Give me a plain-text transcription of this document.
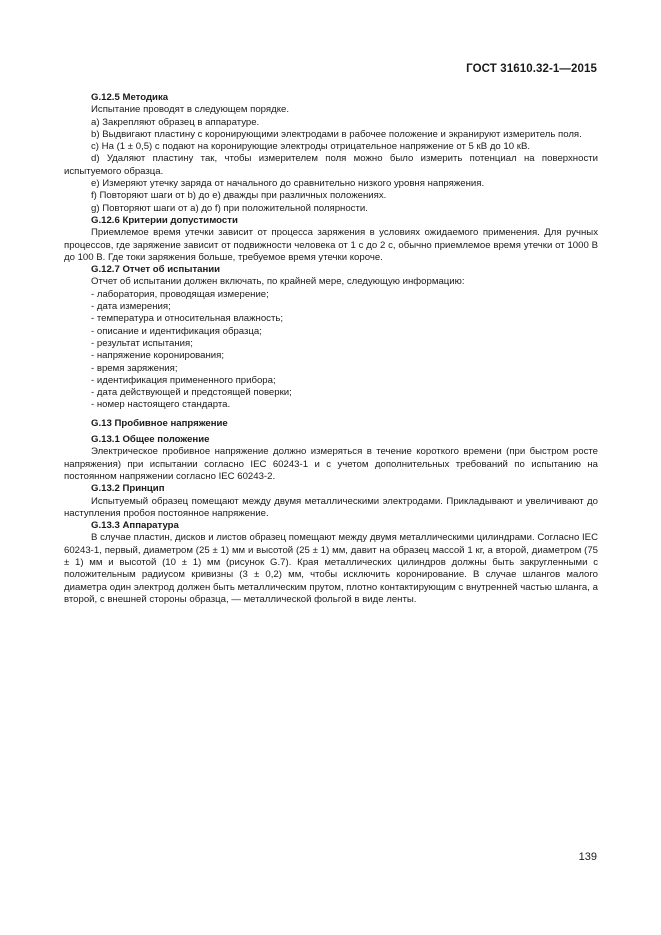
ГОСТ 31610.32-1—2015

G.12.5 Методика

Испытание проводят в следующем порядке.

a) Закрепляют образец в аппаратуре.

b) Выдвигают пластину с коронирующими электродами в рабочее положение и экранируют измеритель поля.

c) На (1 ± 0,5) с подают на коронирующие электроды отрицательное напряжение от 5 кВ до 10 кВ.

d) Удаляют пластину так, чтобы измерителем поля можно было измерить потенциал на поверхности испытуемого образца.

e) Измеряют утечку заряда от начального до сравнительно низкого уровня напряжения.

f) Повторяют шаги от b) до e) дважды при различных положениях.

g) Повторяют шаги от a) до f) при положительной полярности.

G.12.6 Критерии допустимости

Приемлемое время утечки зависит от процесса заряжения в условиях ожидаемого применения. Для ручных процессов, где заряжение зависит от подвижности человека от 1 с до 2 с, обычно приемлемое время утечки от 1000 В до 100 В. Где токи заряжения больше, требуемое время утечки короче.

G.12.7 Отчет об испытании

Отчет об испытании должен включать, по крайней мере, следующую информацию:

- лаборатория, проводящая измерение;

- дата измерения;

- температура и относительная влажность;

- описание и идентификация образца;

- результат испытания;

- напряжение коронирования;

- время заряжения;

- идентификация примененного прибора;

- дата действующей и предстоящей поверки;

- номер настоящего стандарта.

G.13 Пробивное напряжение

G.13.1 Общее положение

Электрическое пробивное напряжение должно измеряться в течение короткого времени (при быстром росте напряжения) при испытании согласно IEC 60243-1 и с учетом дополнительных требований по испытанию на постоянном напряжении согласно IEC 60243-2.

G.13.2 Принцип

Испытуемый образец помещают между двумя металлическими электродами. Прикладывают и увеличивают до наступления пробоя постоянное напряжение.

G.13.3 Аппаратура

В случае пластин, дисков и листов образец помещают между двумя металлическими цилиндрами. Согласно IEC 60243-1, первый, диаметром (25 ± 1) мм и высотой (25 ± 1) мм, давит на образец массой 1 кг, а второй, диаметром (75 ± 1) мм и высотой (10 ± 1) мм (рисунок G.7). Края металлических цилиндров должны быть закругленными с положительным радиусом кривизны (3 ± 0,2) мм, чтобы исключить коронирование. В случае шлангов малого диаметра один электрод должен быть металлическим прутом, плотно контактирующим с внутренней частью шланга, а второй, с внешней стороны образца, — металлической фольгой в виде ленты.

139
